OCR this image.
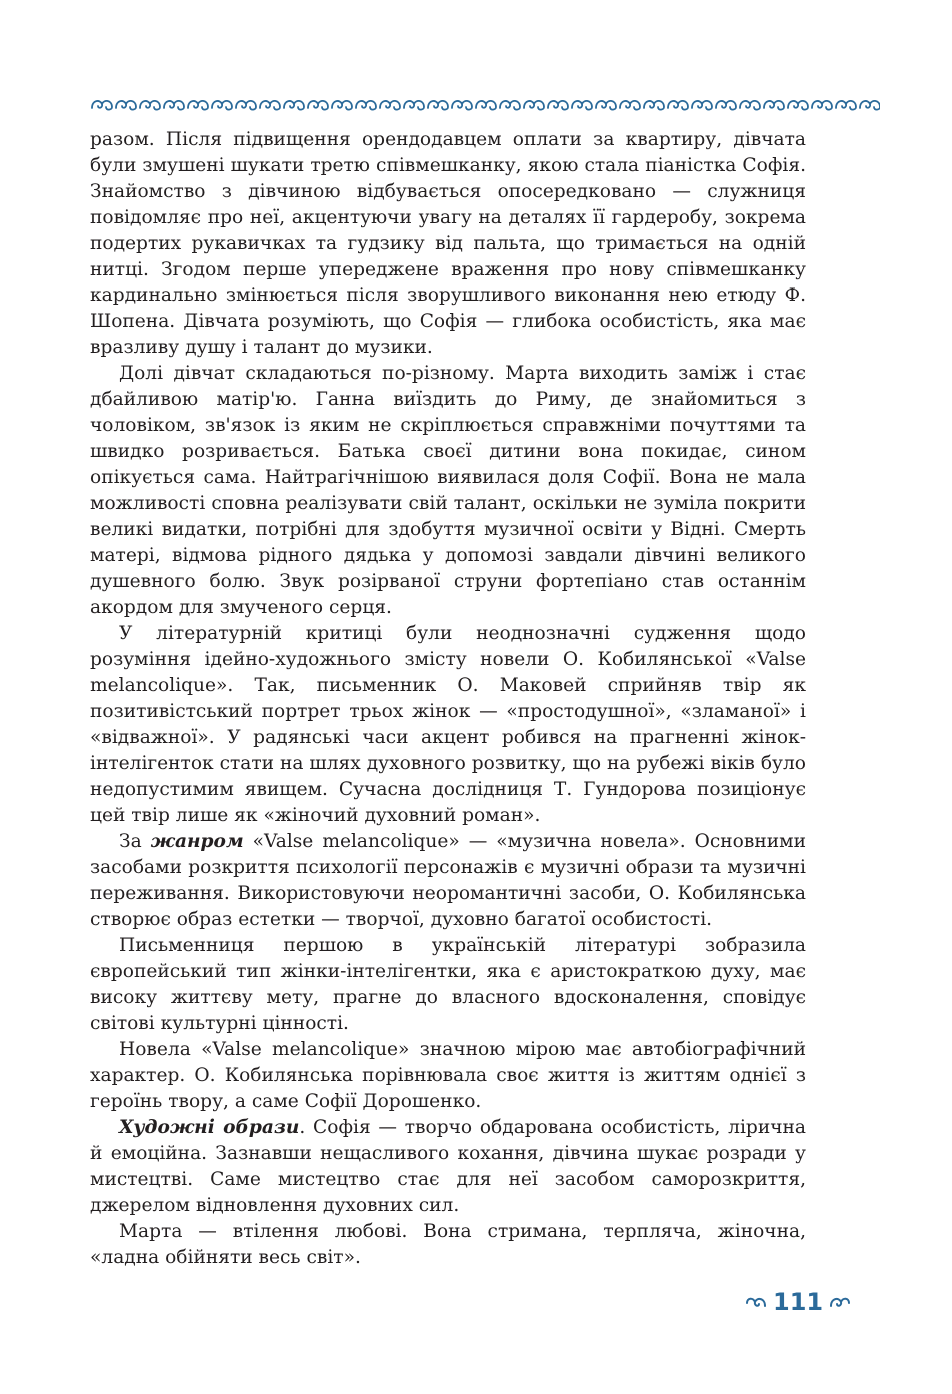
разом. Після підвищення орендодавцем оплати за квартиру, дівчата були змушені шукати третю співмешканку, якою стала піаністка Софія. Знайомство з дівчиною відбувається опосередковано — служниця повідомляє про неї, акцентуючи увагу на деталях її гардеробу, зокрема подертих рукавичках та гудзику від пальта, що тримається на одній нитці. Згодом перше упереджене враження про нову співмешканку кардинально змінюється після зворушливого виконання нею етюду Ф. Шопена. Дівчата розуміють, що Софія — глибока особистість, яка має вразливу душу і талант до музики.

Долі дівчат складаються по-різному. Марта виходить заміж і стає дбайливою матір'ю. Ганна виїздить до Риму, де знайомиться з чоловіком, зв'язок із яким не скріплюється справжніми почуттями та швидко розривається. Батька своєї дитини вона покидає, сином опікується сама. Найтрагічнішою виявилася доля Софії. Вона не мала можливості сповна реалізувати свій талант, оскільки не зуміла покрити великі видатки, потрібні для здобуття музичної освіти у Відні. Смерть матері, відмова рідного дядька у допомозі завдали дівчині великого душевного болю. Звук розірваної струни фортепіано став останнім акордом для змученого серця.

У літературній критиці були неоднозначні судження щодо розуміння ідейно-художнього змісту новели О. Кобилянської «Valse melancolique». Так, письменник О. Маковей сприйняв твір як позитивістський портрет трьох жінок — «простодушної», «зламаної» і «відважної». У радянські часи акцент робився на прагненні жінок-інтелігенток стати на шлях духовного розвитку, що на рубежі віків було недопустимим явищем. Сучасна дослідниця Т. Гундорова позиціонує цей твір лише як «жіночий духовний роман».

За жанром «Valse melancolique» — «музична новела». Основними засобами розкриття психології персонажів є музичні образи та музичні переживання. Використовуючи неоромантичні засоби, О. Кобилянська створює образ естетки — творчої, духовно багатої особистості.

Письменниця першою в українській літературі зобразила європейський тип жінки-інтелігентки, яка є аристократкою духу, має високу життєву мету, прагне до власного вдосконалення, сповідує світові культурні цінності.

Новела «Valse melancolique» значною мірою має автобіографічний характер. О. Кобилянська порівнювала своє життя із життям однієї з героїнь твору, а саме Софії Дорошенко.

Художні образи. Софія — творчо обдарована особистість, лірична й емоційна. Зазнавши нещасливого кохання, дівчина шукає розради у мистецтві. Саме мистецтво стає для неї засобом саморозкриття, джерелом відновлення духовних сил.

Марта — втілення любові. Вона стримана, терпляча, жіночна, «ладна обійняти весь світ».

111
